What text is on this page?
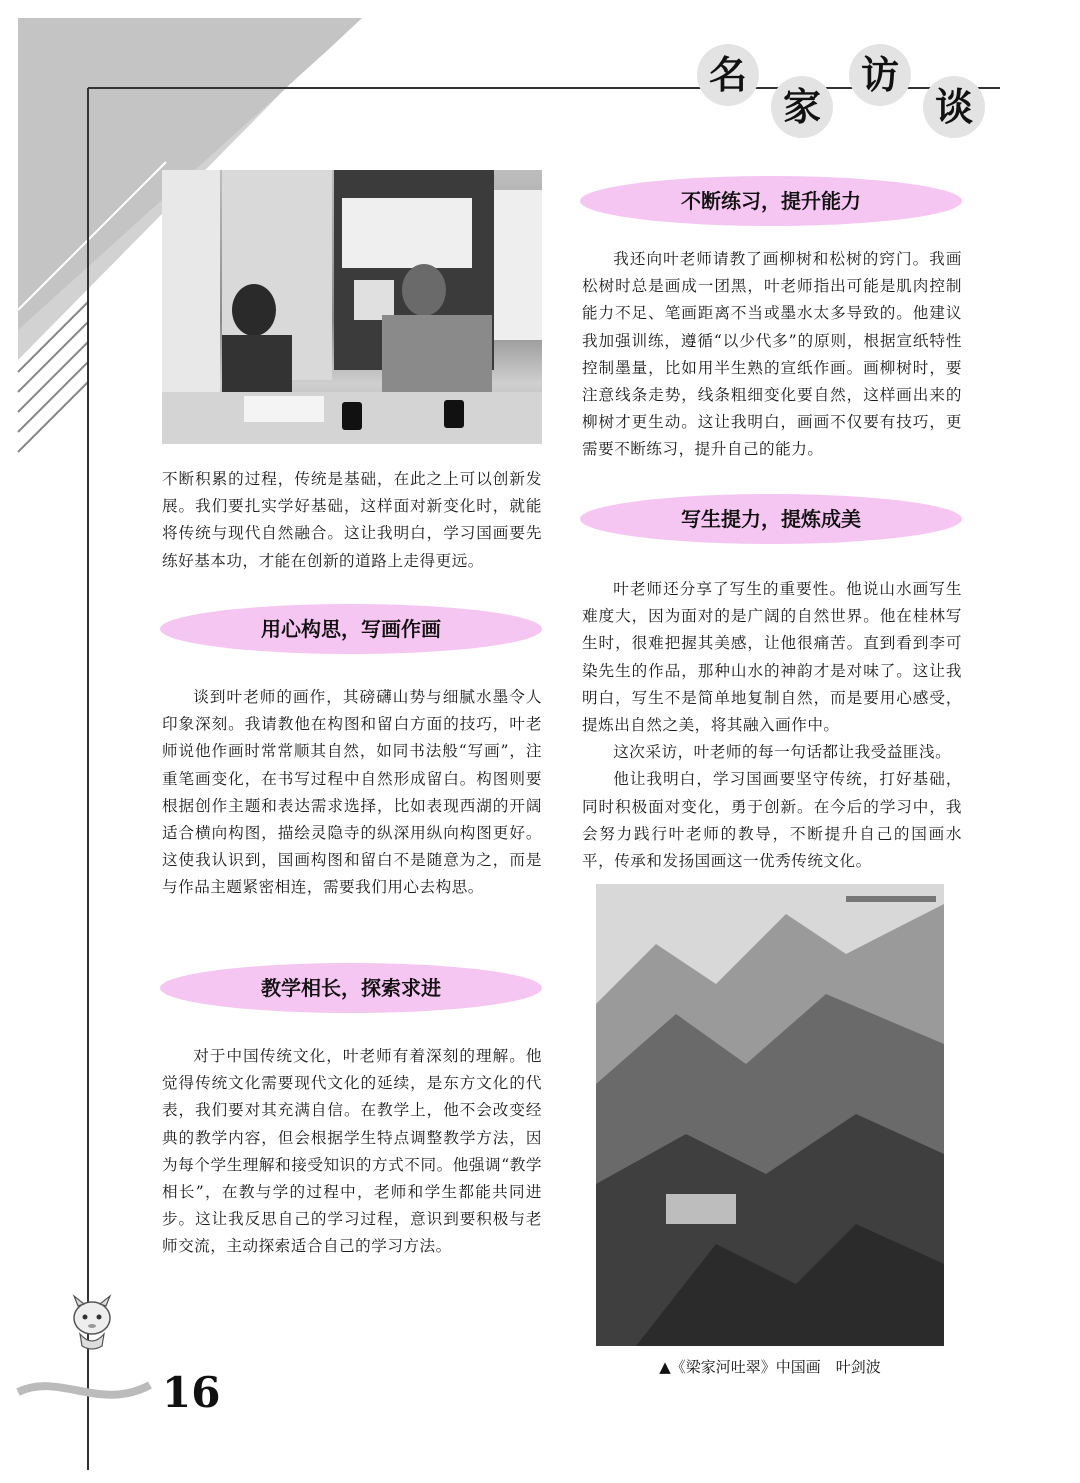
名
家
访
谈

不断积累的过程，传统是基础，在此之上可以创新发展。我们要扎实学好基础，这样面对新变化时，就能将传统与现代自然融合。这让我明白，学习国画要先练好基本功，才能在创新的道路上走得更远。

用心构思，写画作画

谈到叶老师的画作，其磅礴山势与细腻水墨令人印象深刻。我请教他在构图和留白方面的技巧，叶老师说他作画时常常顺其自然，如同书法般“写画”，注重笔画变化，在书写过程中自然形成留白。构图则要根据创作主题和表达需求选择，比如表现西湖的开阔适合横向构图，描绘灵隐寺的纵深用纵向构图更好。这使我认识到，国画构图和留白不是随意为之，而是与作品主题紧密相连，需要我们用心去构思。

教学相长，探索求进

对于中国传统文化，叶老师有着深刻的理解。他觉得传统文化需要现代文化的延续，是东方文化的代表，我们要对其充满自信。在教学上，他不会改变经典的教学内容，但会根据学生特点调整教学方法，因为每个学生理解和接受知识的方式不同。他强调“教学相长”，在教与学的过程中，老师和学生都能共同进步。这让我反思自己的学习过程，意识到要积极与老师交流，主动探索适合自己的学习方法。

不断练习，提升能力

我还向叶老师请教了画柳树和松树的窍门。我画松树时总是画成一团黑，叶老师指出可能是肌肉控制能力不足、笔画距离不当或墨水太多导致的。他建议我加强训练，遵循“以少代多”的原则，根据宣纸特性控制墨量，比如用半生熟的宣纸作画。画柳树时，要注意线条走势，线条粗细变化要自然，这样画出来的柳树才更生动。这让我明白，画画不仅要有技巧，更需要不断练习，提升自己的能力。

写生提力，提炼成美

叶老师还分享了写生的重要性。他说山水画写生难度大，因为面对的是广阔的自然世界。他在桂林写生时，很难把握其美感，让他很痛苦。直到看到李可染先生的作品，那种山水的神韵才是对味了。这让我明白，写生不是简单地复制自然，而是要用心感受，提炼出自然之美，将其融入画作中。

这次采访，叶老师的每一句话都让我受益匪浅。

他让我明白，学习国画要坚守传统，打好基础，同时积极面对变化，勇于创新。在今后的学习中，我会努力践行叶老师的教导，不断提升自己的国画水平，传承和发扬国画这一优秀传统文化。

▲《梁家河吐翠》中国画　叶剑波
16
